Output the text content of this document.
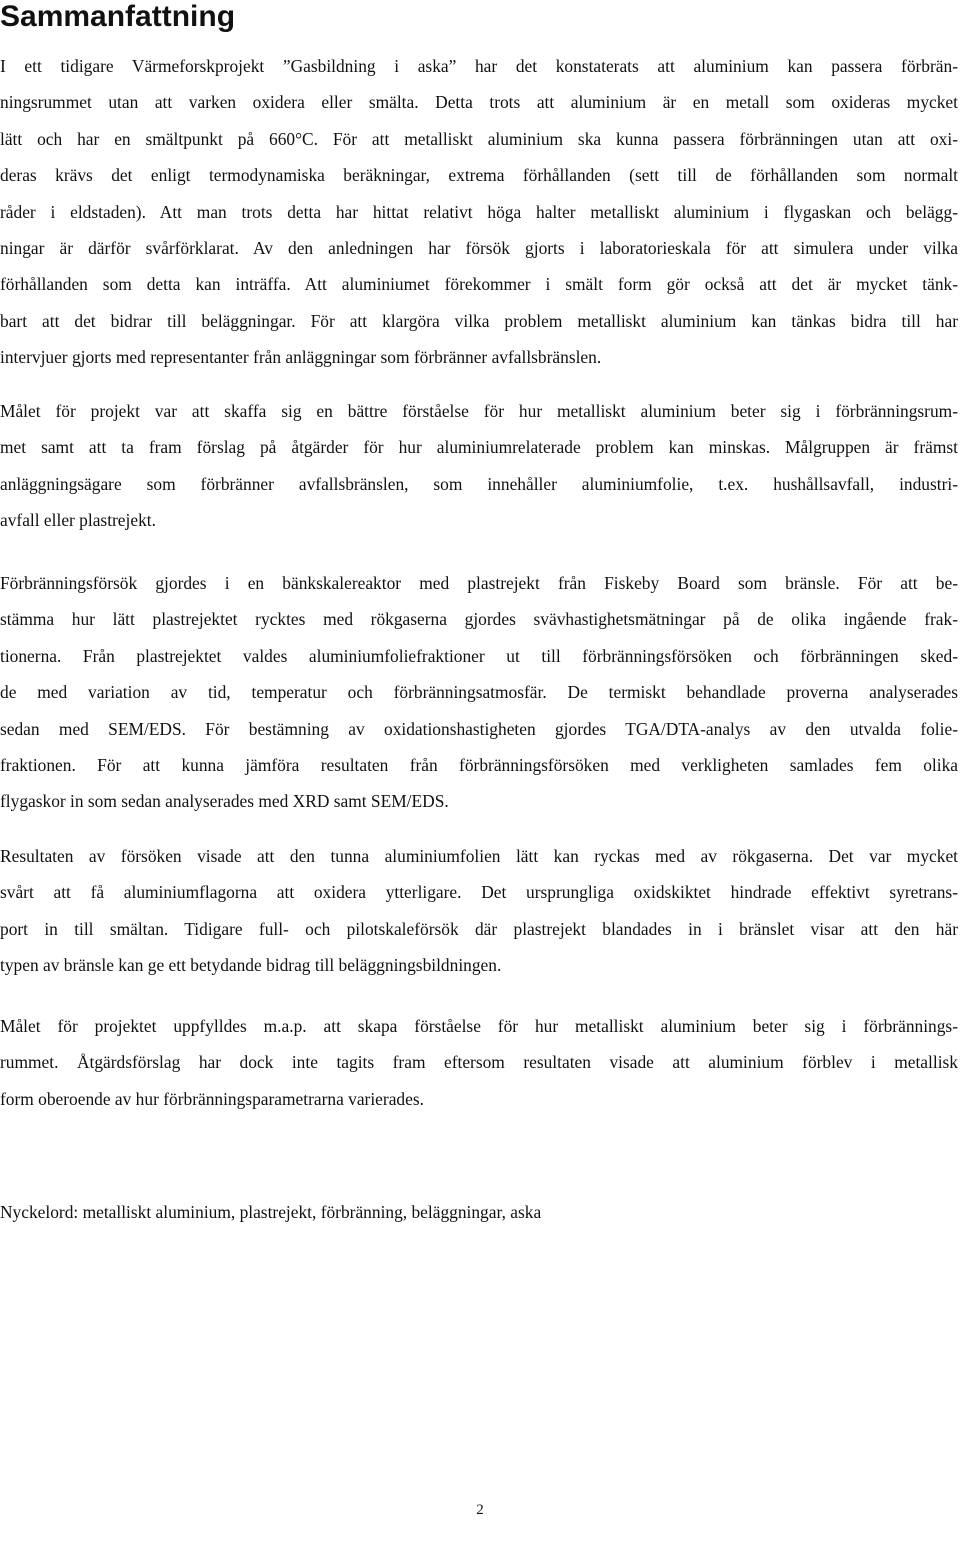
Sammanfattning

I ett tidigare Värmeforskprojekt ”Gasbildning i aska” har det konstaterats att aluminium kan passera förbrän-
ningsrummet utan att varken oxidera eller smälta. Detta trots att aluminium är en metall som oxideras mycket
lätt och har en smältpunkt på 660°C. För att metalliskt aluminium ska kunna passera förbränningen utan att oxi-
deras krävs det enligt termodynamiska beräkningar, extrema förhållanden (sett till de förhållanden som normalt
råder i eldstaden). Att man trots detta har hittat relativt höga halter metalliskt aluminium i flygaskan och belägg-
ningar är därför svårförklarat. Av den anledningen har försök gjorts i laboratorieskala för att simulera under vilka
förhållanden som detta kan inträffa. Att aluminiumet förekommer i smält form gör också att det är mycket tänk-
bart att det bidrar till beläggningar. För att klargöra vilka problem metalliskt aluminium kan tänkas bidra till har
intervjuer gjorts med representanter från anläggningar som förbränner avfallsbränslen.

Målet för projekt var att skaffa sig en bättre förståelse för hur metalliskt aluminium beter sig i förbränningsrum-
met samt att ta fram förslag på åtgärder för hur aluminiumrelaterade problem kan minskas. Målgruppen är främst
anläggningsägare som förbränner avfallsbränslen, som innehåller aluminiumfolie, t.ex. hushållsavfall, industri-
avfall eller plastrejekt.

Förbränningsförsök gjordes i en bänkskalereaktor med plastrejekt från Fiskeby Board som bränsle. För att be-
stämma hur lätt plastrejektet rycktes med rökgaserna gjordes svävhastighetsmätningar på de olika ingående frak-
tionerna. Från plastrejektet valdes aluminiumfoliefraktioner ut till förbränningsförsöken och förbränningen sked-
de med variation av tid, temperatur och förbränningsatmosfär. De termiskt behandlade proverna analyserades
sedan med SEM/EDS. För bestämning av oxidationshastigheten gjordes TGA/DTA-analys av den utvalda folie-
fraktionen. För att kunna jämföra resultaten från förbränningsförsöken med verkligheten samlades fem olika
flygaskor in som sedan analyserades med XRD samt SEM/EDS.

Resultaten av försöken visade att den tunna aluminiumfolien lätt kan ryckas med av rökgaserna. Det var mycket
svårt att få aluminiumflagorna att oxidera ytterligare. Det ursprungliga oxidskiktet hindrade effektivt syretrans-
port in till smältan. Tidigare full- och pilotskaleförsök där plastrejekt blandades in i bränslet visar att den här
typen av bränsle kan ge ett betydande bidrag till beläggningsbildningen.

Målet för projektet uppfylldes m.a.p. att skapa förståelse för hur metalliskt aluminium beter sig i förbrännings-
rummet. Åtgärdsförslag har dock inte tagits fram eftersom resultaten visade att aluminium förblev i metallisk
form oberoende av hur förbränningsparametrarna varierades.

Nyckelord: metalliskt aluminium, plastrejekt, förbränning, beläggningar, aska

2
